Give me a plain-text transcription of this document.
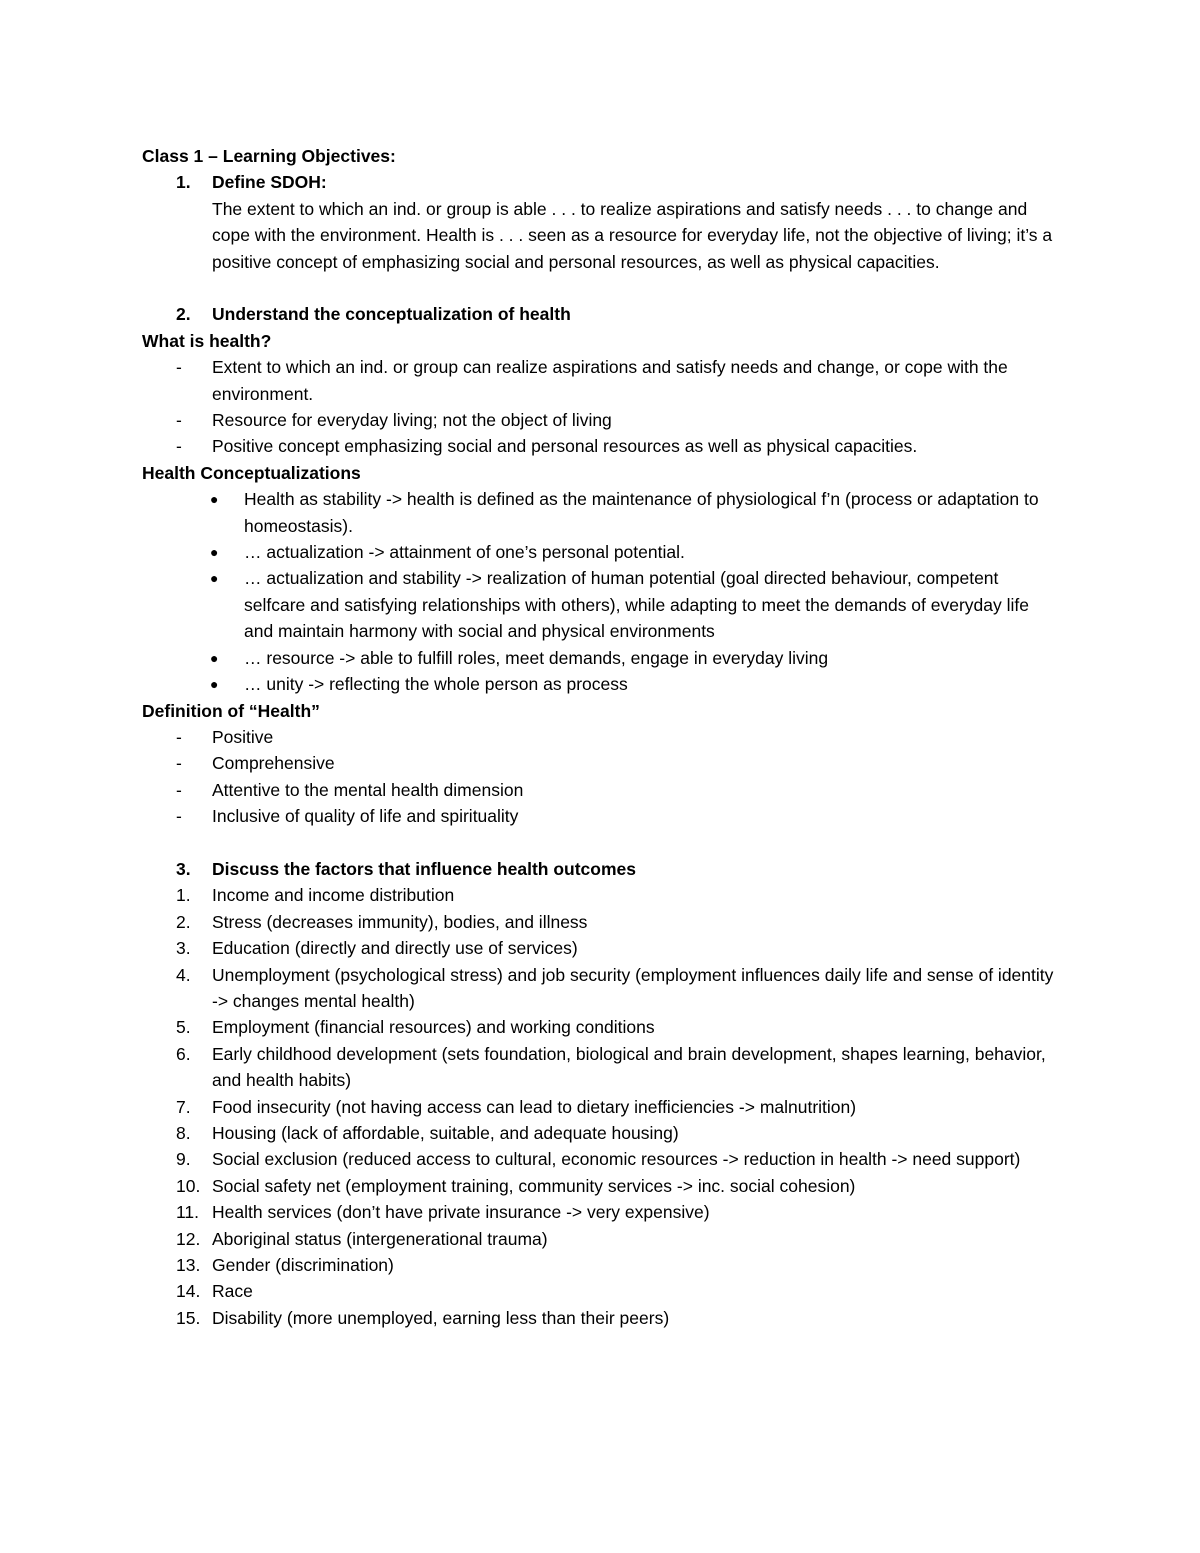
Class 1 – Learning Objectives:
1.	Define SDOH:
The extent to which an ind. or group is able . . . to realize aspirations and satisfy needs . . . to change and cope with the environment. Health is . . . seen as a resource for everyday life, not the objective of living; it’s a positive concept of emphasizing social and personal resources, as well as physical capacities.
2.	Understand the conceptualization of health
What is health?
-	Extent to which an ind. or group can realize aspirations and satisfy needs and change, or cope with the environment.
-	Resource for everyday living; not the object of living
-	Positive concept emphasizing social and personal resources as well as physical capacities.
Health Conceptualizations
●	Health as stability -> health is defined as the maintenance of physiological f’n (process or adaptation to homeostasis).
●	… actualization -> attainment of one’s personal potential.
●	… actualization and stability -> realization of human potential (goal directed behaviour, competent selfcare and satisfying relationships with others), while adapting to meet the demands of everyday life and maintain harmony with social and physical environments
●	… resource -> able to fulfill roles, meet demands, engage in everyday living
●	… unity -> reflecting the whole person as process
Definition of “Health”
-	Positive
-	Comprehensive
-	Attentive to the mental health dimension
-	Inclusive of quality of life and spirituality
3.	Discuss the factors that influence health outcomes
1.	Income and income distribution
2.	Stress (decreases immunity), bodies, and illness
3.	Education (directly and directly use of services)
4.	Unemployment (psychological stress) and job security (employment influences daily life and sense of identity -> changes mental health)
5.	Employment (financial resources) and working conditions
6.	Early childhood development (sets foundation, biological and brain development, shapes learning, behavior, and health habits)
7.	Food insecurity (not having access can lead to dietary inefficiencies -> malnutrition)
8.	Housing (lack of affordable, suitable, and adequate housing)
9.	Social exclusion (reduced access to cultural, economic resources -> reduction in health -> need support)
10. Social safety net (employment training, community services -> inc. social cohesion)
11. Health services (don’t have private insurance -> very expensive)
12. Aboriginal status (intergenerational trauma)
13. Gender (discrimination)
14. Race
15. Disability (more unemployed, earning less than their peers)
